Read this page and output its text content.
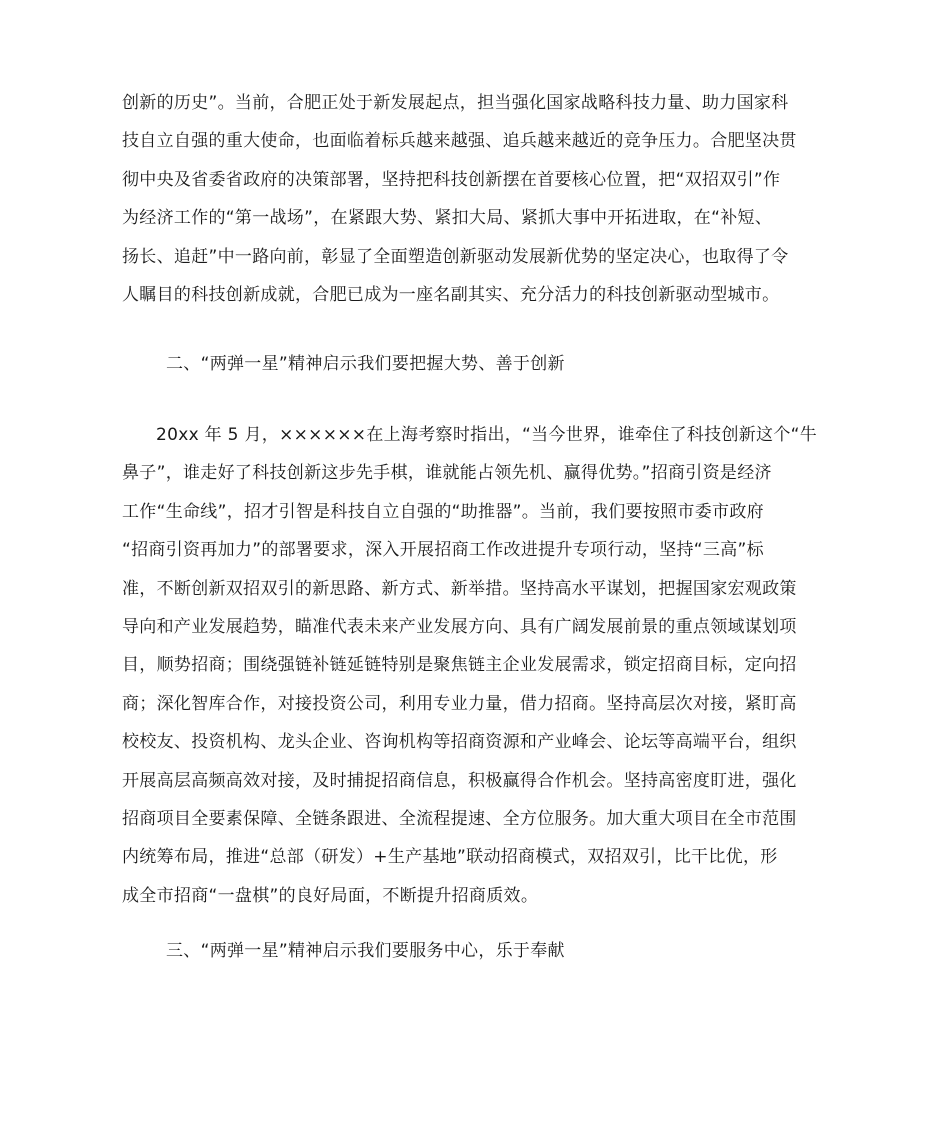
创新的历史”。当前，合肥正处于新发展起点，担当强化国家战略科技力量、助力国家科
技自立自强的重大使命，也面临着标兵越来越强、追兵越来越近的竞争压力。合肥坚决贯
彻中央及省委省政府的决策部署，坚持把科技创新摆在首要核心位置，把“双招双引”作
为经济工作的“第一战场”，在紧跟大势、紧扣大局、紧抓大事中开拓进取，在“补短、
扬长、追赶”中一路向前，彰显了全面塑造创新驱动发展新优势的坚定决心，也取得了令
人瞩目的科技创新成就，合肥已成为一座名副其实、充分活力的科技创新驱动型城市。
二、“两弹一星”精神启示我们要把握大势、善于创新
20xx 年 5 月，××××××在上海考察时指出，“当今世界，谁牵住了科技创新这个“牛
鼻子”，谁走好了科技创新这步先手棋，谁就能占领先机、赢得优势。”招商引资是经济
工作“生命线”，招才引智是科技自立自强的“助推器”。当前，我们要按照市委市政府
“招商引资再加力”的部署要求，深入开展招商工作改进提升专项行动，坚持“三高”标
准，不断创新双招双引的新思路、新方式、新举措。坚持高水平谋划，把握国家宏观政策
导向和产业发展趋势，瞄准代表未来产业发展方向、具有广阔发展前景的重点领域谋划项
目，顺势招商；围绕强链补链延链特别是聚焦链主企业发展需求，锁定招商目标，定向招
商；深化智库合作，对接投资公司，利用专业力量，借力招商。坚持高层次对接，紧盯高
校校友、投资机构、龙头企业、咨询机构等招商资源和产业峰会、论坛等高端平台，组织
开展高层高频高效对接，及时捕捉招商信息，积极赢得合作机会。坚持高密度盯进，强化
招商项目全要素保障、全链条跟进、全流程提速、全方位服务。加大重大项目在全市范围
内统筹布局，推进“总部（研发）+生产基地”联动招商模式，双招双引，比干比优，形
成全市招商“一盘棋”的良好局面，不断提升招商质效。
三、“两弹一星”精神启示我们要服务中心，乐于奉献
